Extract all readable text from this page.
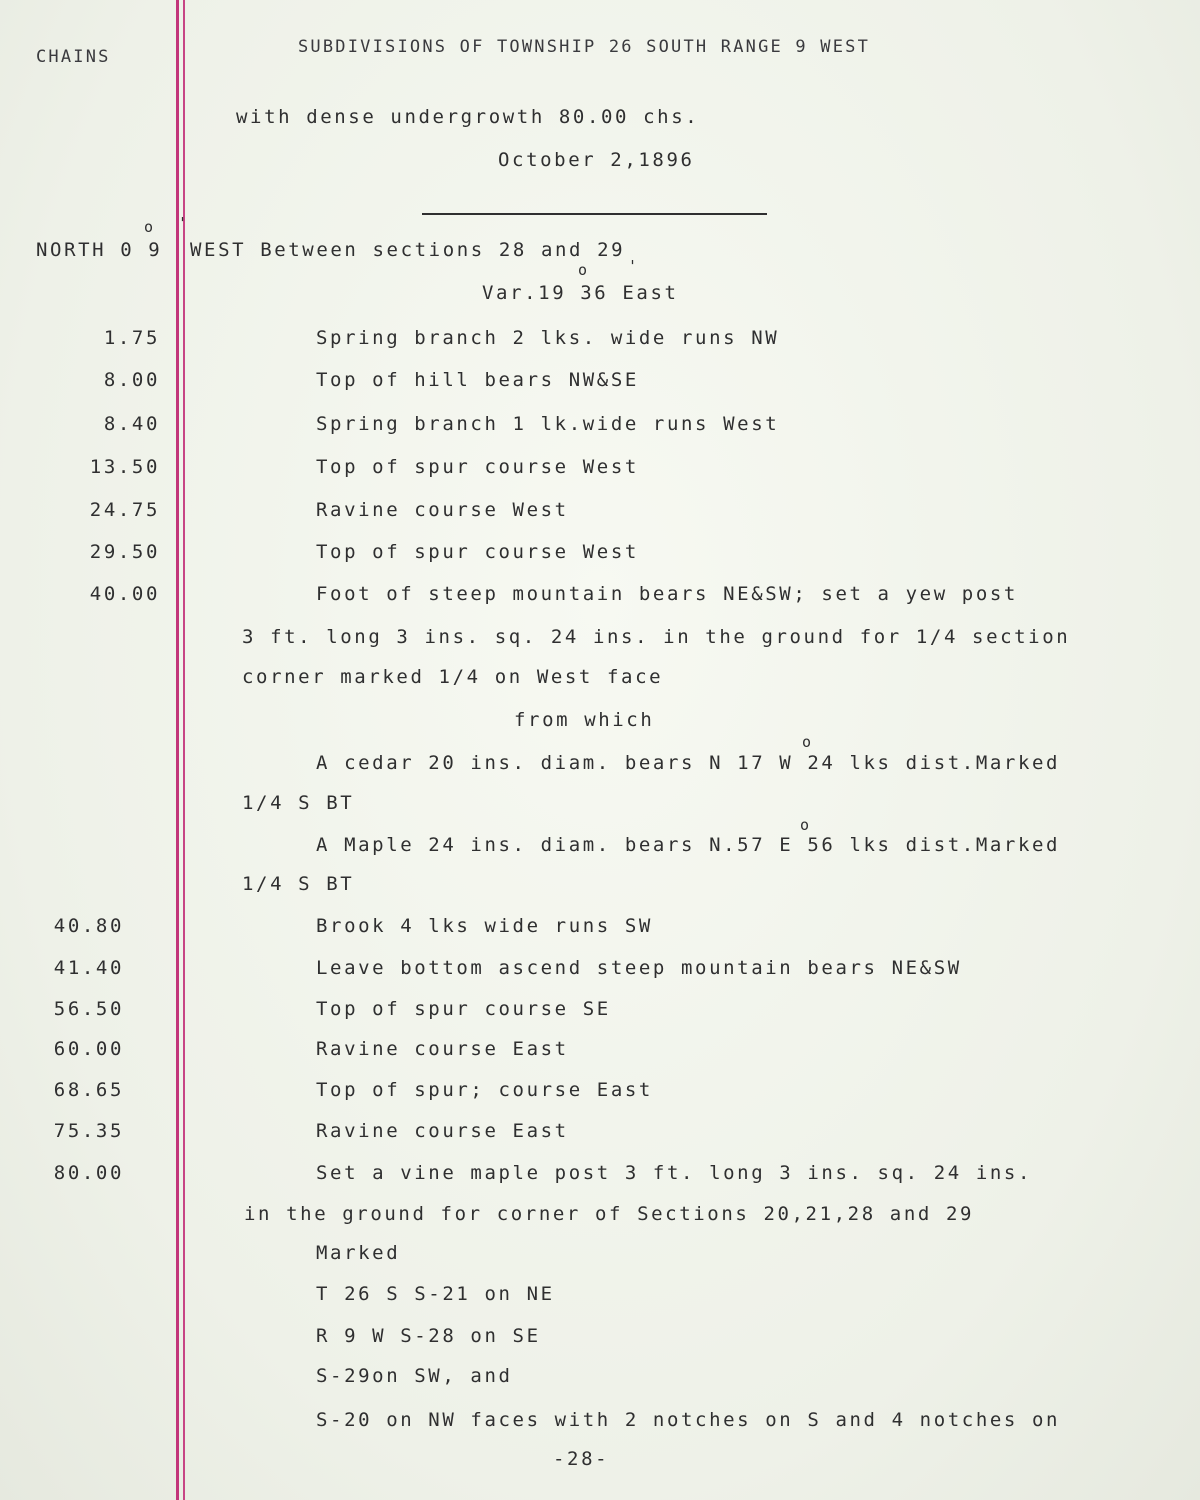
CHAINS	SUBDIVISIONS OF TOWNSHIP 26 SOUTH RANGE 9 WEST
with dense undergrowth 80.00 chs.
October 2,1896
o '
NORTH 0 9 WEST Between sections 28 and 29
o	'
Var.19 36 East
1.75	Spring branch 2 lks. wide runs NW
8.00	Top of hill bears NW&SE
8.40	Spring branch 1 lk.wide runs West
13.50	Top of spur course West
24.75	Ravine course West
29.50	Top of spur course West
40.00	Foot of steep mountain bears NE&SW; set a yew post
3 ft. long 3 ins. sq. 24 ins. in the ground for 1/4 section
corner marked 1/4 on West face
from which
o
A cedar 20 ins. diam. bears N 17 W 24 lks dist.Marked
1/4 S BT
o
A Maple 24 ins. diam. bears N.57 E 56 lks dist.Marked
1/4 S BT
40.80	Brook 4 lks wide runs SW
41.40	Leave bottom ascend steep mountain bears NE&SW
56.50	Top of spur course SE
60.00	Ravine course East
68.65	Top of spur; course East
75.35	Ravine course East
80.00	Set a vine maple post 3 ft. long 3 ins. sq. 24 ins.
in the ground for corner of Sections 20,21,28 and 29
Marked
T 26 S S-21 on NE
R 9 W S-28 on SE
S-29on SW, and
S-20 on NW faces with 2 notches on S and 4 notches on
-28-
